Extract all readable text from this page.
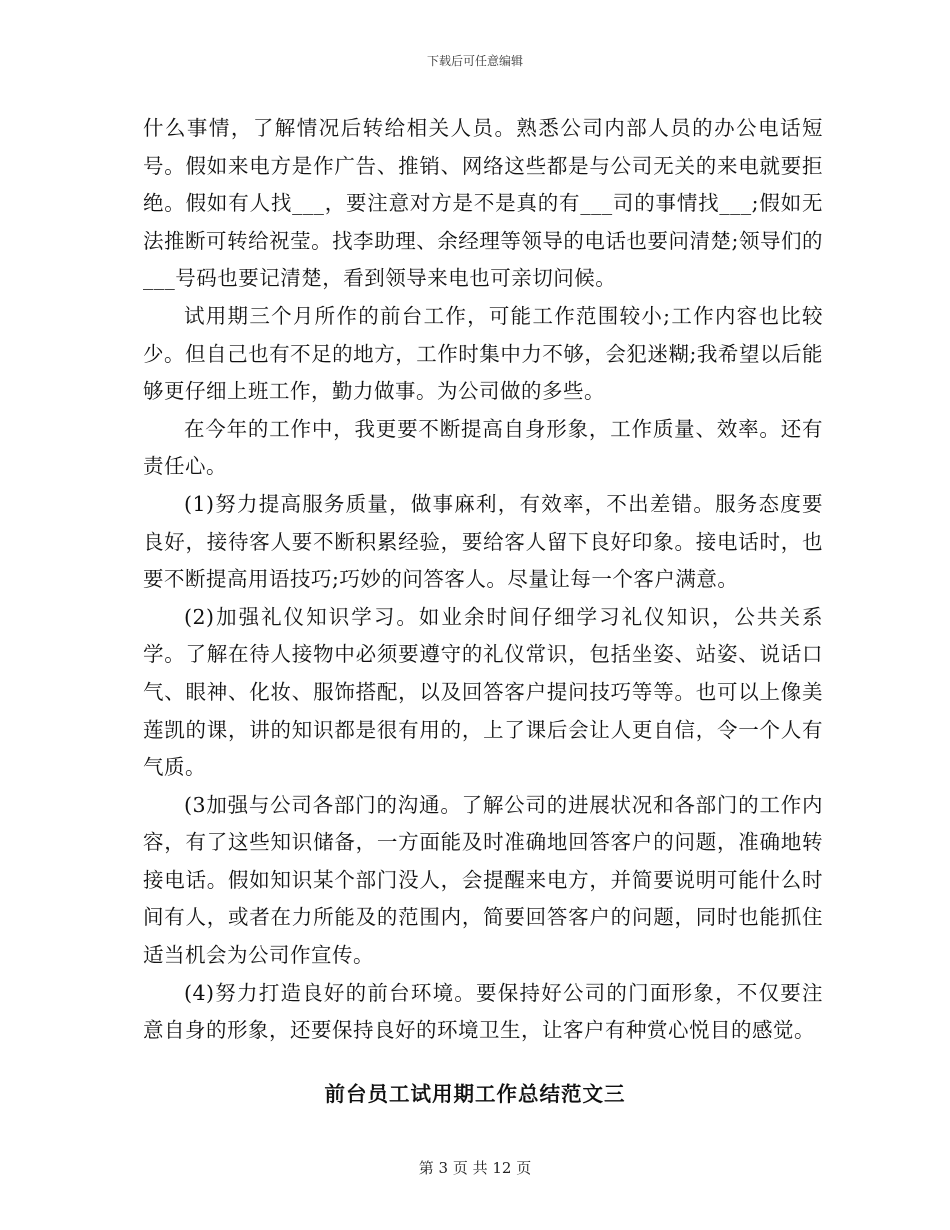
下载后可任意编辑

什么事情，了解情况后转给相关人员。熟悉公司内部人员的办公电话短号。假如来电方是作广告、推销、网络这些都是与公司无关的来电就要拒绝。假如有人找___，要注意对方是不是真的有___司的事情找___;假如无法推断可转给祝莹。找李助理、余经理等领导的电话也要问清楚;领导们的___号码也要记清楚，看到领导来电也可亲切问候。

试用期三个月所作的前台工作，可能工作范围较小;工作内容也比较少。但自己也有不足的地方，工作时集中力不够，会犯迷糊;我希望以后能够更仔细上班工作，勤力做事。为公司做的多些。

在今年的工作中，我更要不断提高自身形象，工作质量、效率。还有责任心。

(1)努力提高服务质量，做事麻利，有效率，不出差错。服务态度要良好，接待客人要不断积累经验，要给客人留下良好印象。接电话时，也要不断提高用语技巧;巧妙的问答客人。尽量让每一个客户满意。

(2)加强礼仪知识学习。如业余时间仔细学习礼仪知识，公共关系学。了解在待人接物中必须要遵守的礼仪常识，包括坐姿、站姿、说话口气、眼神、化妆、服饰搭配，以及回答客户提问技巧等等。也可以上像美莲凯的课，讲的知识都是很有用的，上了课后会让人更自信，令一个人有气质。

(3加强与公司各部门的沟通。了解公司的进展状况和各部门的工作内容，有了这些知识储备，一方面能及时准确地回答客户的问题，准确地转接电话。假如知识某个部门没人，会提醒来电方，并简要说明可能什么时间有人，或者在力所能及的范围内，简要回答客户的问题，同时也能抓住适当机会为公司作宣传。

(4)努力打造良好的前台环境。要保持好公司的门面形象，不仅要注意自身的形象，还要保持良好的环境卫生，让客户有种赏心悦目的感觉。

前台员工试用期工作总结范文三
第 3 页 共 12 页
